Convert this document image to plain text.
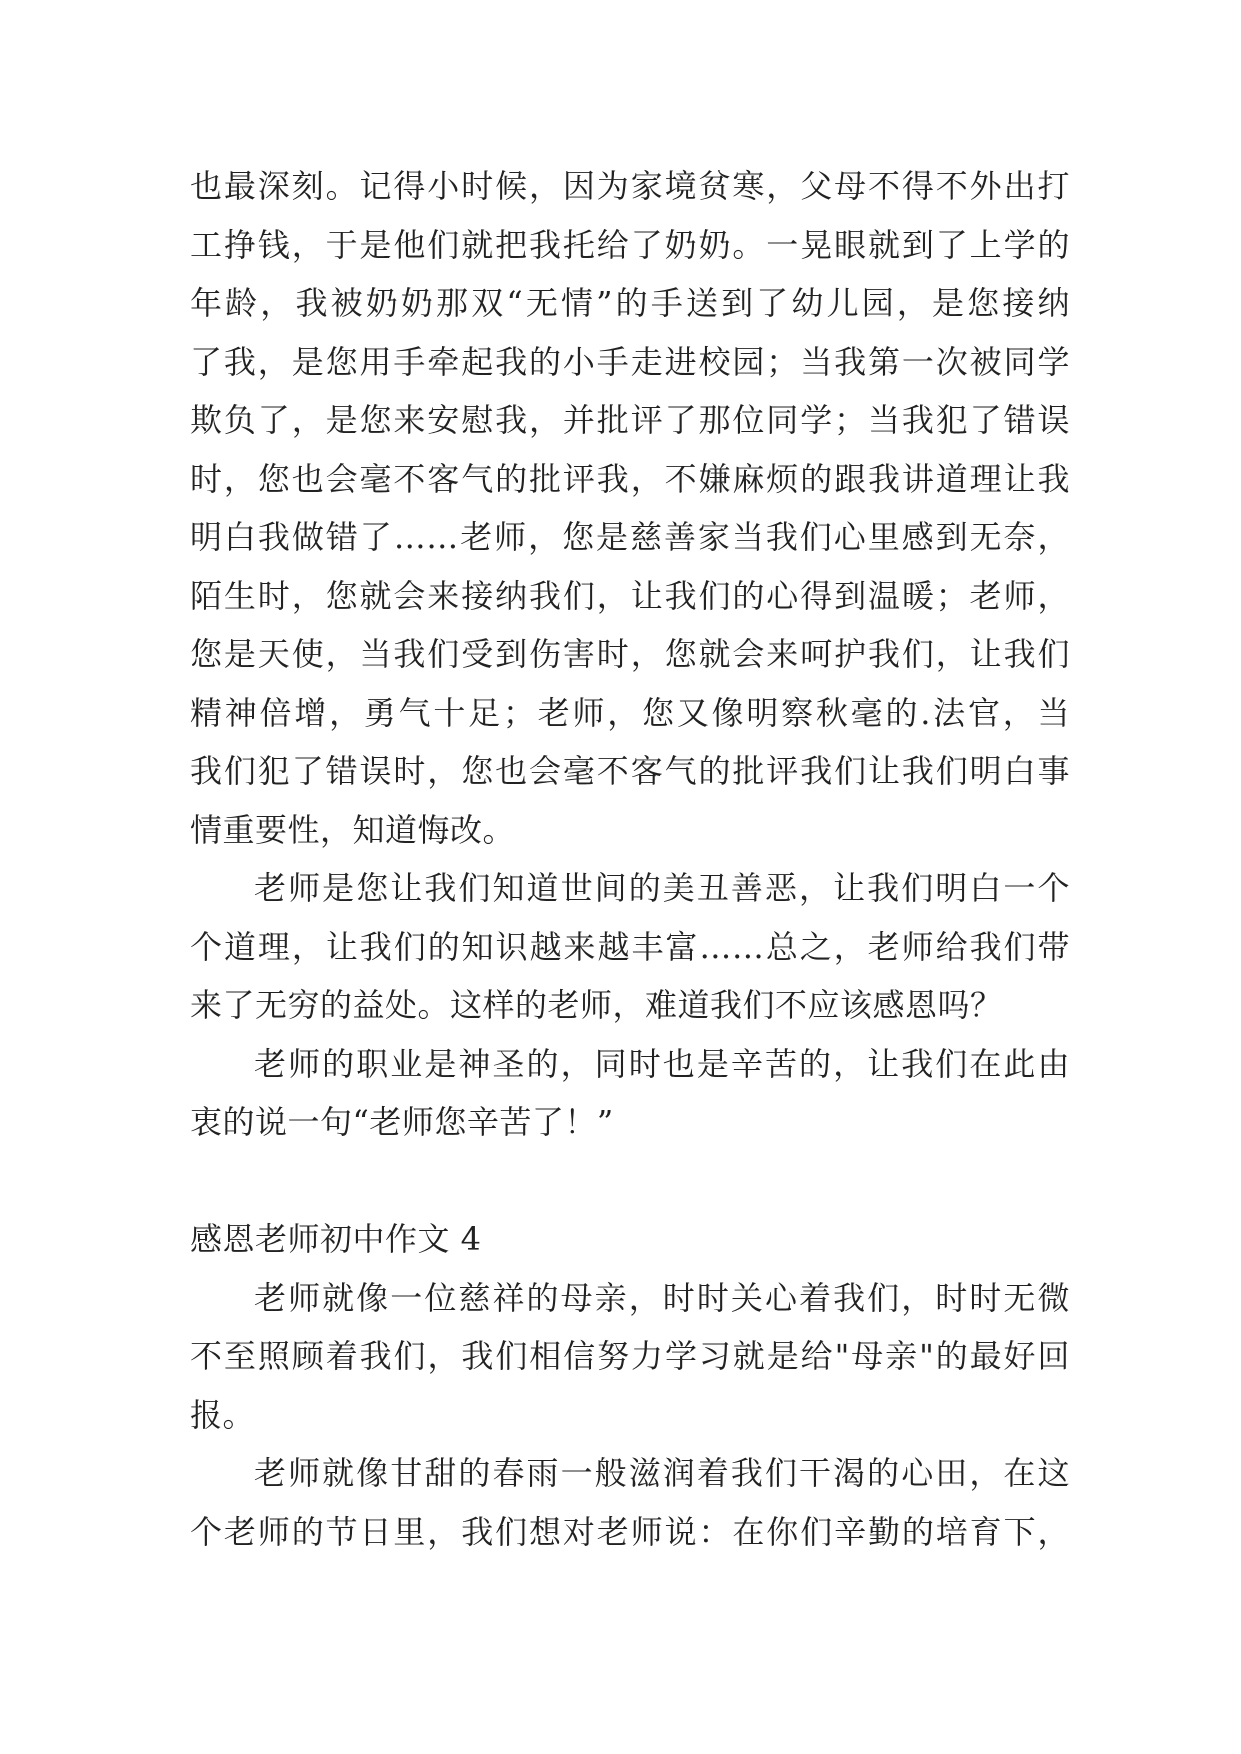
也最深刻。记得小时候，因为家境贫寒，父母不得不外出打
工挣钱，于是他们就把我托给了奶奶。一晃眼就到了上学的
年龄，我被奶奶那双“无情”的手送到了幼儿园，是您接纳
了我，是您用手牵起我的小手走进校园；当我第一次被同学
欺负了，是您来安慰我，并批评了那位同学；当我犯了错误
时，您也会毫不客气的批评我，不嫌麻烦的跟我讲道理让我
明白我做错了……老师，您是慈善家当我们心里感到无奈，
陌生时，您就会来接纳我们，让我们的心得到温暖；老师，
您是天使，当我们受到伤害时，您就会来呵护我们，让我们
精神倍增，勇气十足；老师，您又像明察秋毫的.法官，当
我们犯了错误时，您也会毫不客气的批评我们让我们明白事
情重要性，知道悔改。
老师是您让我们知道世间的美丑善恶，让我们明白一个
个道理，让我们的知识越来越丰富……总之，老师给我们带
来了无穷的益处。这样的老师，难道我们不应该感恩吗？
老师的职业是神圣的，同时也是辛苦的，让我们在此由
衷的说一句“老师您辛苦了！”
感恩老师初中作文 4
老师就像一位慈祥的母亲，时时关心着我们，时时无微
不至照顾着我们，我们相信努力学习就是给"母亲"的最好回
报。
老师就像甘甜的春雨一般滋润着我们干渴的心田，在这
个老师的节日里，我们想对老师说：在你们辛勤的培育下，
